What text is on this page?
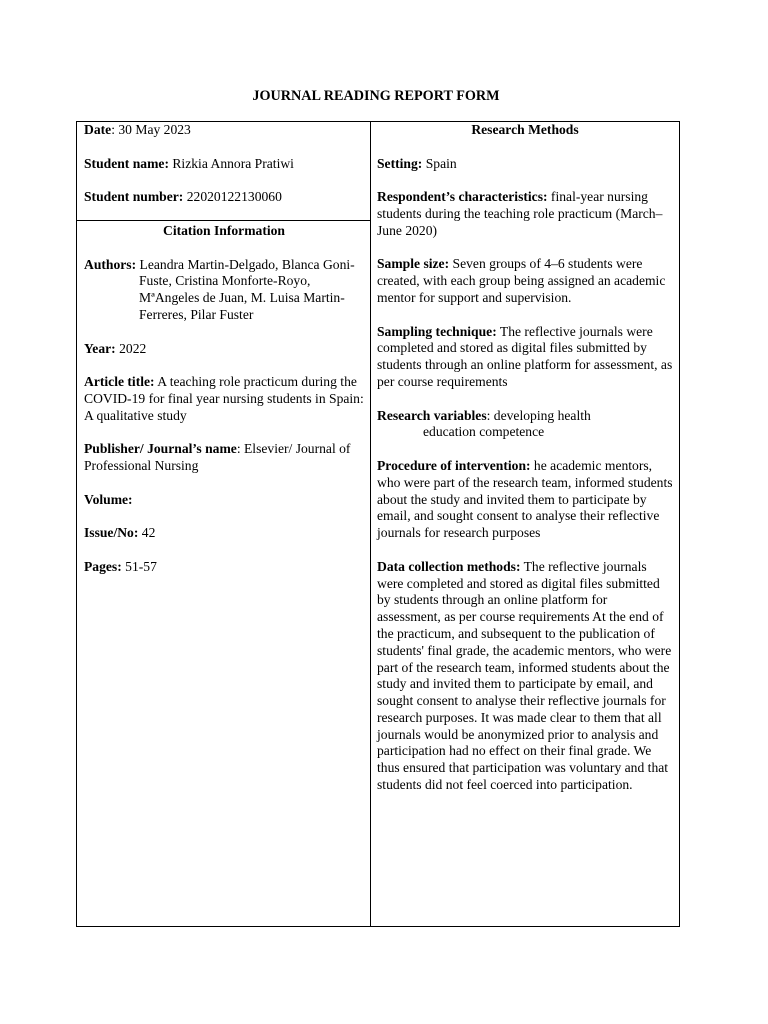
JOURNAL READING REPORT FORM

Date: 30 May 2023

Student name: Rizkia Annora Pratiwi

Student number: 22020122130060

Citation Information

Authors: Leandra Martin-Delgado, Blanca Goni-Fuste, Cristina Monforte-Royo, MªAngeles de Juan, M. Luisa Martin-Ferreres, Pilar Fuster

Year: 2022

Article title: A teaching role practicum during the COVID-19 for final year nursing students in Spain: A qualitative study

Publisher/ Journal’s name: Elsevier/ Journal of Professional Nursing

Volume:

Issue/No: 42

Pages: 51-57

Research Methods

Setting: Spain

Respondent’s characteristics: final-year nursing students during the teaching role practicum (March–June 2020)

Sample size: Seven groups of 4–6 students were created, with each group being assigned an academic mentor for support and supervision.

Sampling technique: The reflective journals were completed and stored as digital files submitted by students through an online platform for assessment, as per course requirements

Research variables: developing health
education competence

Procedure of intervention: he academic mentors, who were part of the research team, informed students about the study and invited them to participate by email, and sought consent to analyse their reflective journals for research purposes

Data collection methods: The reflective journals were completed and stored as digital files submitted by students through an online platform for assessment, as per course requirements At the end of the practicum, and subsequent to the publication of students' final grade, the academic mentors, who were part of the research team, informed students about the study and invited them to participate by email, and sought consent to analyse their reflective journals for research purposes. It was made clear to them that all journals would be anonymized prior to analysis and participation had no effect on their final grade. We thus ensured that participation was voluntary and that students did not feel coerced into participation.
